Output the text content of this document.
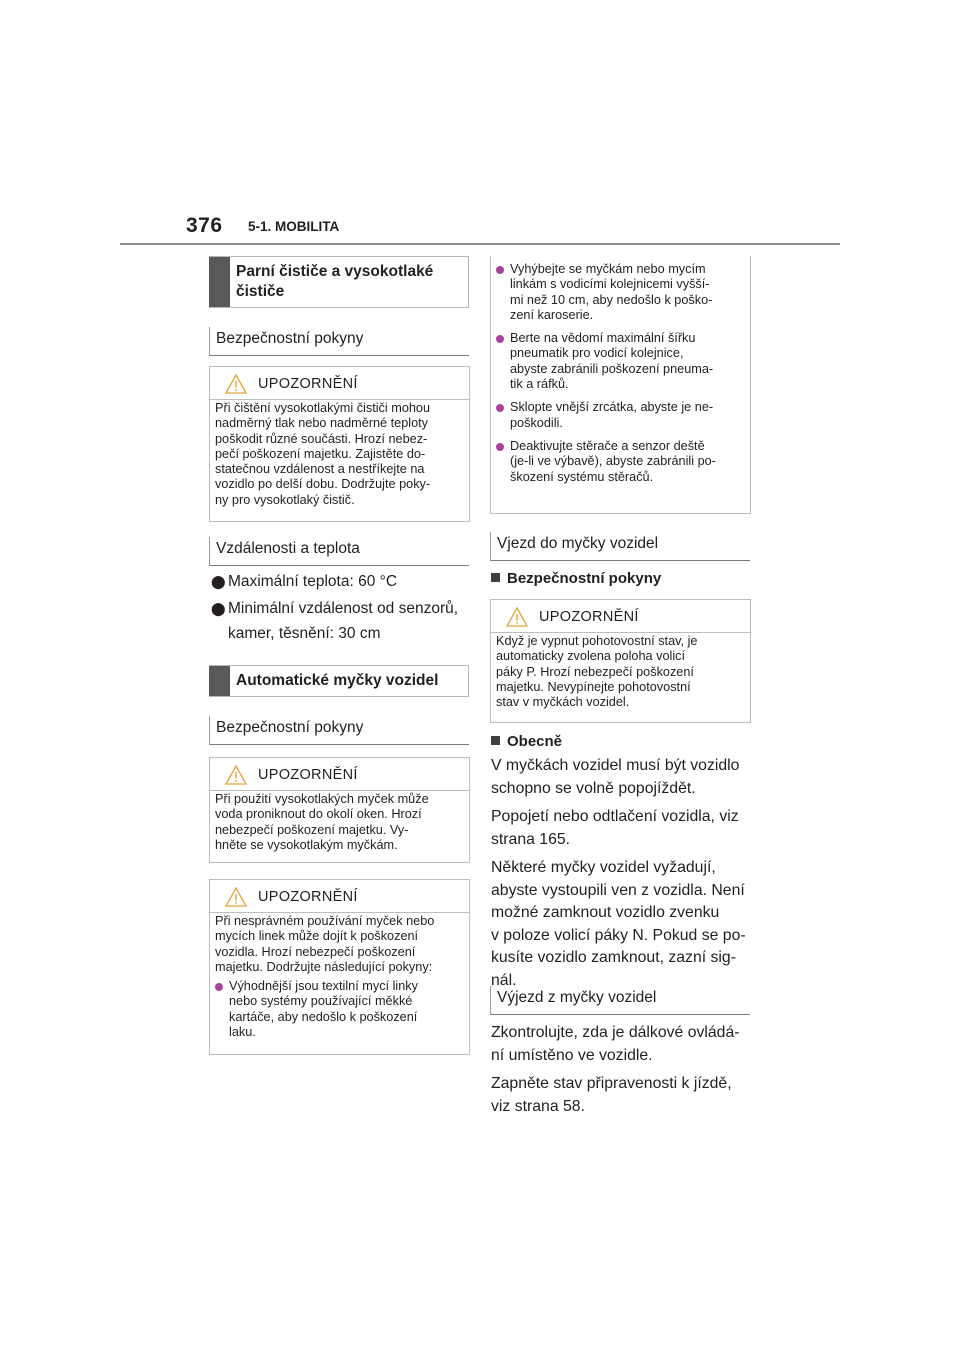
376 5-1. MOBILITA
Parní čističe a vysokotlaké
čističe
Bezpečnostní pokyny
UPOZORNĚNÍ

Při čištění vysokotlakými čističi mohou

nadměrný tlak nebo nadměrné teploty

poškodit různé součásti. Hrozí nebez-

pečí poškození majetku. Zajistěte do-

statečnou vzdálenost a nestříkejte na

vozidlo po delší dobu. Dodržujte poky-

ny pro vysokotlaký čistič.

Vzdálenosti a teplota
⬤ Maximální teplota: 60 °C
⬤ Minimální vzdálenost od senzorů,
kamer, těsnění: 30 cm
Automatické myčky vozidel
Bezpečnostní pokyny
UPOZORNĚNÍ

Při použití vysokotlakých myček může

voda proniknout do okolí oken. Hrozí

nebezpečí poškození majetku. Vy-

hněte se vysokotlakým myčkám.

UPOZORNĚNÍ

Při nesprávném používání myček nebo

mycích linek může dojít k poškození

vozidla. Hrozí nebezpečí poškození

majetku. Dodržujte následující pokyny:

Výhodnější jsou textilní mycí linky
nebo systémy používající měkké
kartáče, aby nedošlo k poškození
laku.
Vyhýbejte se myčkám nebo mycím
linkám s vodicími kolejnicemi vyšší-
mi než 10 cm, aby nedošlo k poško-
zení karoserie.
Berte na vědomí maximální šířku
pneumatik pro vodicí kolejnice,
abyste zabránili poškození pneuma-
tik a ráfků.
Sklopte vnější zrcátka, abyste je ne-
poškodili.
Deaktivujte stěrače a senzor deště
(je-li ve výbavě), abyste zabránili po-
škození systému stěračů.
Vjezd do myčky vozidel
Bezpečnostní pokyny
UPOZORNĚNÍ

Když je vypnut pohotovostní stav, je

automaticky zvolena poloha volicí

páky P. Hrozí nebezpečí poškození

majetku. Nevypínejte pohotovostní

stav v myčkách vozidel.

Obecně

V myčkách vozidel musí být vozidlo
schopno se volně popojíždět.

Popojetí nebo odtlačení vozidla, viz
strana 165.

Některé myčky vozidel vyžadují,
abyste vystoupili ven z vozidla. Není
možné zamknout vozidlo zvenku
v poloze volicí páky N. Pokud se po-
kusíte vozidlo zamknout, zazní sig-
nál.

Výjezd z myčky vozidel

Zkontrolujte, zda je dálkové ovládá-
ní umístěno ve vozidle.

Zapněte stav připravenosti k jízdě,
viz strana 58.
